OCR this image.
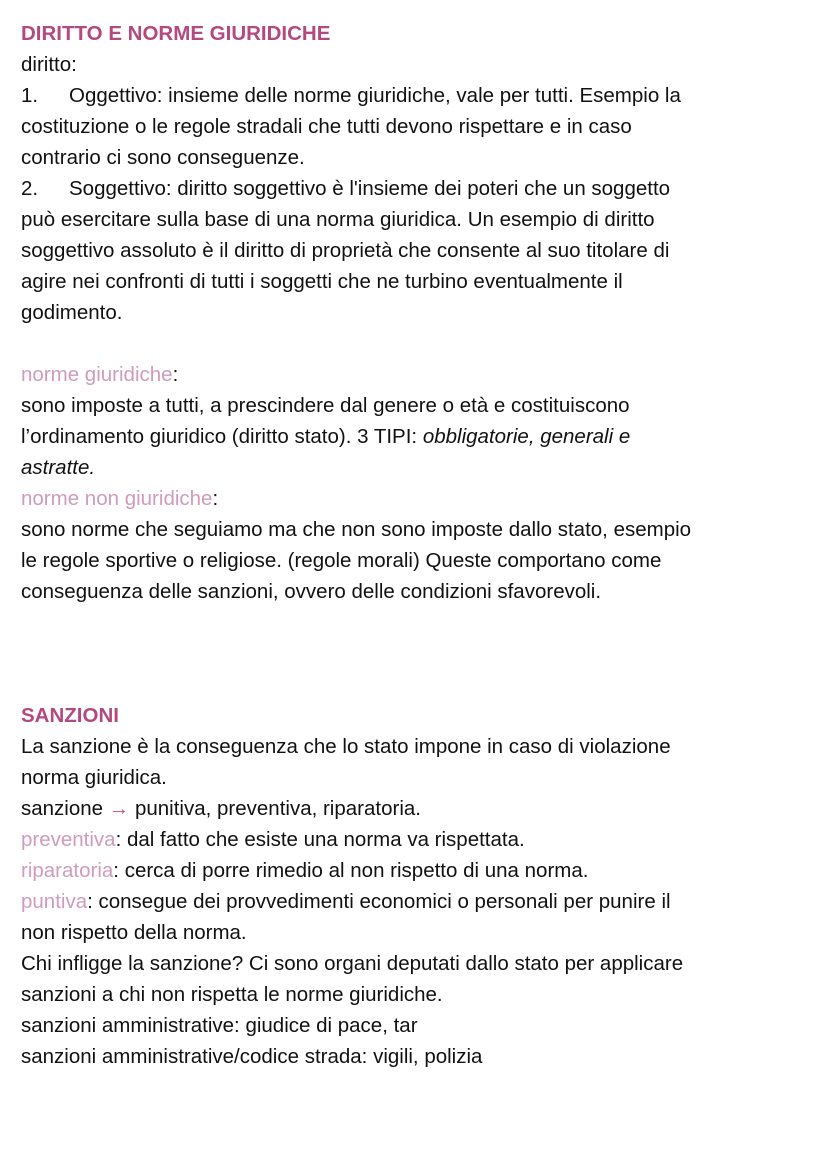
DIRITTO E NORME GIURIDICHE
diritto:
1.	Oggettivo: insieme delle norme giuridiche, vale per tutti. Esempio la
costituzione o le regole stradali che tutti devono rispettare e in caso
contrario ci sono conseguenze.
2.	Soggettivo: diritto soggettivo è l'insieme dei poteri che un soggetto
può esercitare sulla base di una norma giuridica. Un esempio di diritto
soggettivo assoluto è il diritto di proprietà che consente al suo titolare di
agire nei confronti di tutti i soggetti che ne turbino eventualmente il
godimento.
norme giuridiche:
sono imposte a tutti, a prescindere dal genere o età e costituiscono
l’ordinamento giuridico (diritto stato). 3 TIPI: obbligatorie, generali e
astratte.
norme non giuridiche:
sono norme che seguiamo ma che non sono imposte dallo stato, esempio
le regole sportive o religiose. (regole morali) Queste comportano come
conseguenza delle sanzioni, ovvero delle condizioni sfavorevoli.
SANZIONI
La sanzione è la conseguenza che lo stato impone in caso di violazione
norma giuridica.
sanzione → punitiva, preventiva, riparatoria.
preventiva: dal fatto che esiste una norma va rispettata.
riparatoria: cerca di porre rimedio al non rispetto di una norma.
puntiva: consegue dei provvedimenti economici o personali per punire il
non rispetto della norma.
Chi infligge la sanzione? Ci sono organi deputati dallo stato per applicare
sanzioni a chi non rispetta le norme giuridiche.
sanzioni amministrative: giudice di pace, tar
sanzioni amministrative/codice strada: vigili, polizia
